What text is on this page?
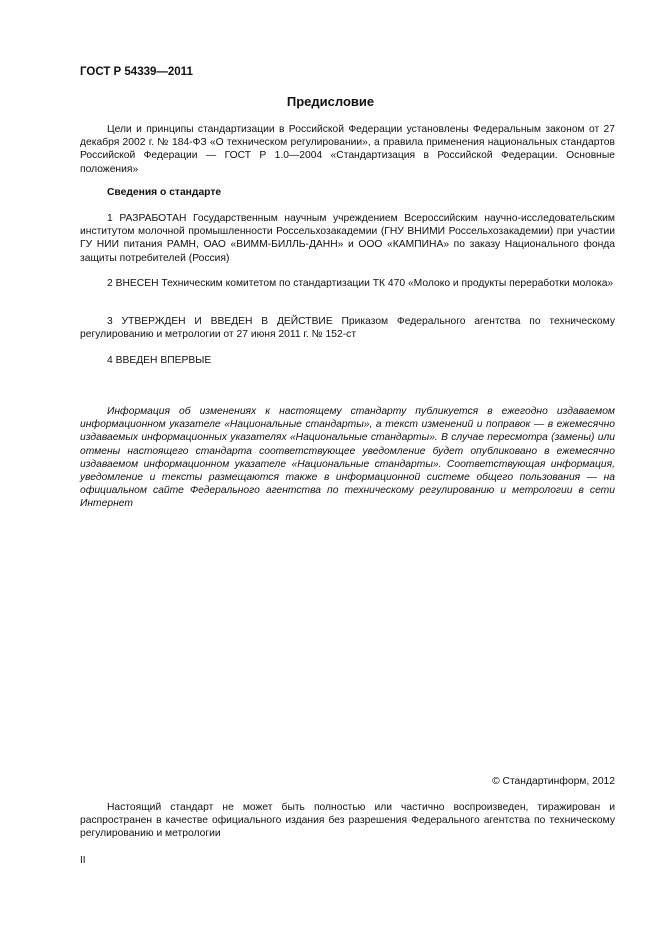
ГОСТ Р 54339—2011
Предисловие

Цели и принципы стандартизации в Российской Федерации установлены Федеральным законом от 27 декабря 2002 г. № 184-ФЗ «О техническом регулировании», а правила применения национальных стандартов Российской Федерации — ГОСТ Р 1.0—2004 «Стандартизация в Российской Федерации. Основные положения»

Сведения о стандарте

1 РАЗРАБОТАН Государственным научным учреждением Всероссийским научно-исследовательским институтом молочной промышленности Россельхозакадемии (ГНУ ВНИМИ Россельхозакадемии) при участии ГУ НИИ питания РАМН, ОАО «ВИММ-БИЛЛЬ-ДАНН» и ООО «КАМПИНА» по заказу Национального фонда защиты потребителей (Россия)

2 ВНЕСЕН Техническим комитетом по стандартизации ТК 470 «Молоко и продукты переработки молока»

3 УТВЕРЖДЕН И ВВЕДЕН В ДЕЙСТВИЕ Приказом Федерального агентства по техническому регулированию и метрологии от 27 июня 2011 г. № 152-ст

4 ВВЕДЕН ВПЕРВЫЕ

Информация об изменениях к настоящему стандарту публикуется в ежегодно издаваемом информационном указателе «Национальные стандарты», а текст изменений и поправок — в ежемесячно издаваемых информационных указателях «Национальные стандарты». В случае пересмотра (замены) или отмены настоящего стандарта соответствующее уведомление будет опубликовано в ежемесячно издаваемом информационном указателе «Национальные стандарты». Соответствующая информация, уведомление и тексты размещаются также в информационной системе общего пользования — на официальном сайте Федерального агентства по техническому регулированию и метрологии в сети Интернет

© Стандартинформ, 2012

Настоящий стандарт не может быть полностью или частично воспроизведен, тиражирован и распространен в качестве официального издания без разрешения Федерального агентства по техническому регулированию и метрологии

II
